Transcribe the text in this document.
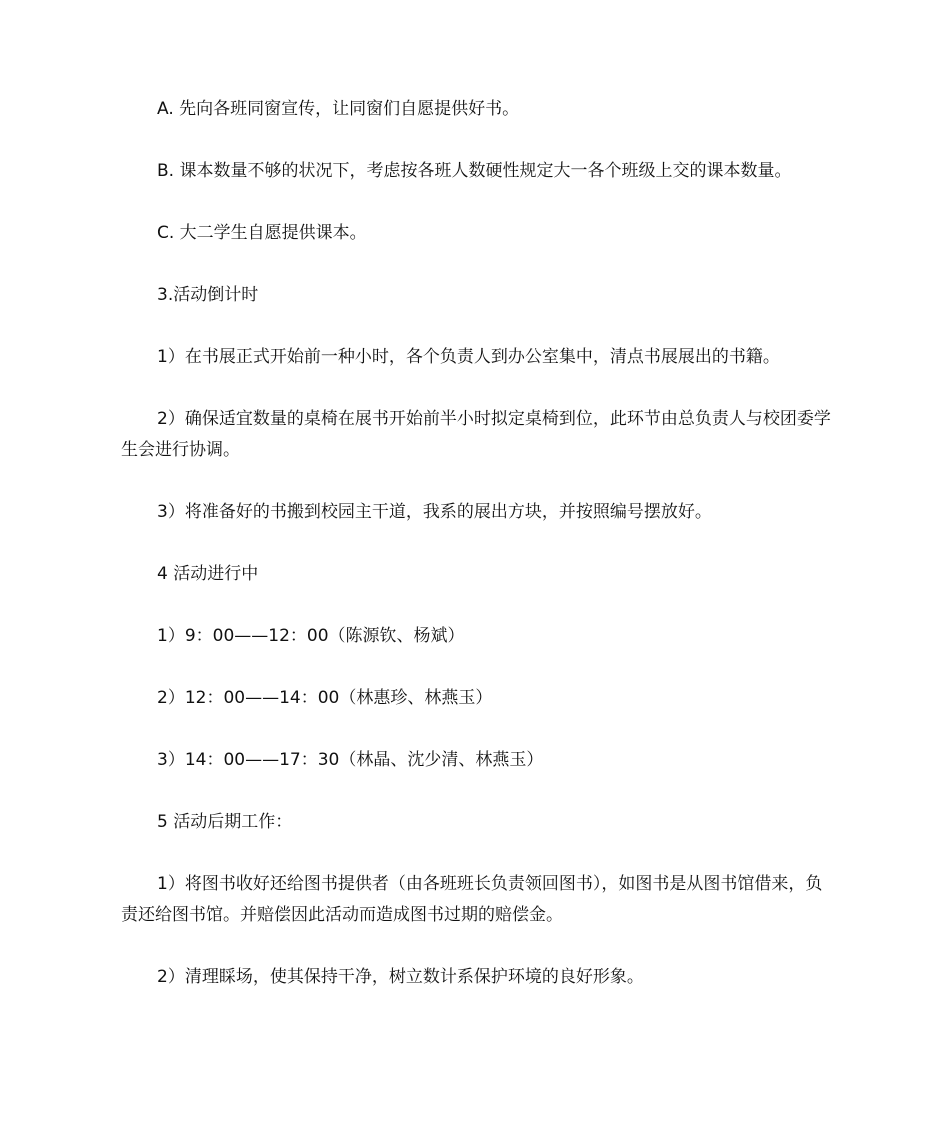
A. 先向各班同窗宣传，让同窗们自愿提供好书。

B. 课本数量不够的状况下，考虑按各班人数硬性规定大一各个班级上交的课本数量。

C. 大二学生自愿提供课本。

3.活动倒计时

1）在书展正式开始前一种小时，各个负责人到办公室集中，清点书展展出的书籍。

2）确保适宜数量的桌椅在展书开始前半小时拟定桌椅到位，此环节由总负责人与校团委学生会进行协调。

3）将准备好的书搬到校园主干道，我系的展出方块，并按照编号摆放好。

4 活动进行中

1）9：00——12：00（陈源钦、杨斌）

2）12：00——14：00（林惠珍、林燕玉）

3）14：00——17：30（林晶、沈少清、林燕玉）

5 活动后期工作：

1）将图书收好还给图书提供者（由各班班长负责领回图书），如图书是从图书馆借来，负责还给图书馆。并赔偿因此活动而造成图书过期的赔偿金。

2）清理睬场，使其保持干净，树立数计系保护环境的良好形象。
